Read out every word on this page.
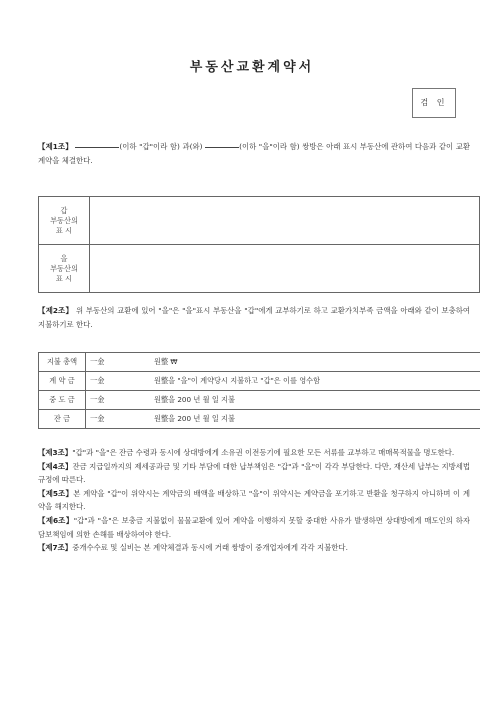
부동산교환계약서
검 인
【제1조】	(이하 "갑"이라 함) 과(와)	(이하 "을"이라 함) 쌍방은 아래 표시 부동산에 관하여 다음과 같이 교환계약을 체결한다.
갑
부동산의
표 시	

을
부동산의
표 시	

【제2조】 위 부동산의 교환에 있어 "을"은 "을"표시 부동산을 "갑"에게 교부하기로 하고 교환가치부족 금액을 아래와 같이 보충하여 지불하기로 한다.
지불 총액	一金 원整 ₩
계 약 금	一金 원整을 "을"이 계약당시 지불하고 "갑"은 이를 영수함
중 도 금	一金 원整을 200 년 월 일 지불
잔 금	一金 원整을 200 년 월 일 지불
【제3조】"갑"과 "을"은 잔금 수령과 동시에 상대방에게 소유권 이전등기에 필요한 모든 서류를 교부하고 매매목적물을 명도한다.
【제4조】잔금 지급일까지의 제세공과금 및 기타 부담에 대한 납부책임은 "갑"과 "을"이 각각 부담한다. 다만, 재산세 납부는 지방세법 규정에 따른다.
【제5조】본 계약을 "갑"이 위약시는 계약금의 배액을 배상하고 "을"이 위약시는 계약금을 포기하고 반환을 청구하지 아니하며 이 계약을 해지한다.
【제6조】"갑"과 "을"은 보충금 지불없이 물물교환에 있어 계약을 이행하지 못할 중대한 사유가 발생하면 상대방에게 매도인의 하자 담보책임에 의한 손해를 배상하여야 한다.
【제7조】중개수수료 및 실비는 본 계약체결과 동시에 거래 쌍방이 중개업자에게 각각 지불한다.
